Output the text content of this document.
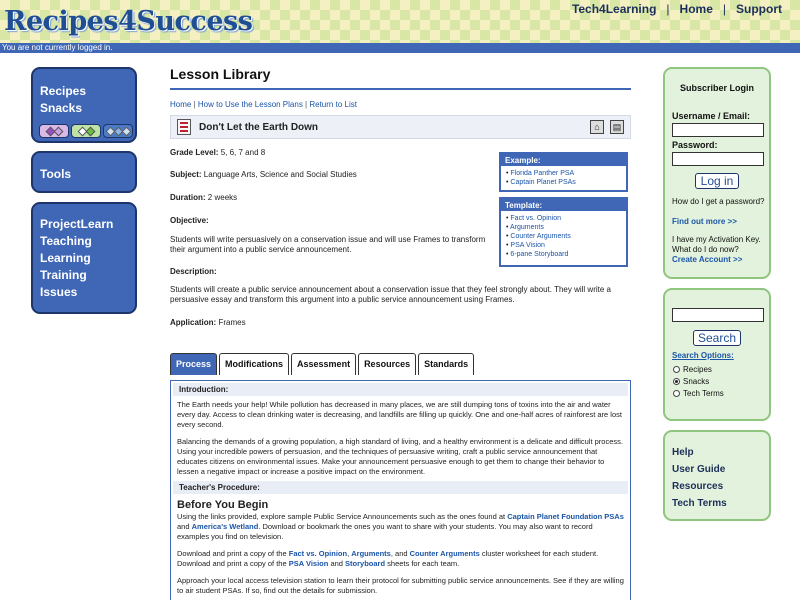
Recipes4Success	Tech4Learning | Home | Support
You are not currently logged in.
Recipes
Snacks
Tools
ProjectLearn
Teaching
Learning
Training
Issues
Lesson Library
Home | How to Use the Lesson Plans | Return to List
Don't Let the Earth Down	⌂	▤
Grade Level: 5, 6, 7 and 8
Subject: Language Arts, Science and Social Studies
Duration: 2 weeks
Objective:
Students will write persuasively on a conservation issue and will use Frames to transform their argument into a public service announcement.
Description:
Students will create a public service announcement about a conservation issue that they feel strongly about. They will write a persuasive essay and transform this argument into a public service announcement using Frames.
Application: Frames
Example:
• Florida Panther PSA
• Captain Planet PSAs
Template:
• Fact vs. Opinion
• Arguments
• Counter Arguments
• PSA Vision
• 6-pane Storyboard
Process	Modifications	Assessment	Resources	Standards
Introduction:
The Earth needs your help! While pollution has decreased in many places, we are still dumping tons of toxins into the air and water every day. Access to clean drinking water is decreasing, and landfills are filling up quickly. One and one-half acres of rainforest are lost every second.
Balancing the demands of a growing population, a high standard of living, and a healthy environment is a delicate and difficult process. Using your incredible powers of persuasion, and the techniques of persuasive writing, craft a public service announcement that educates citizens on environmental issues. Make your announcement persuasive enough to get them to change their behavior to lessen a negative impact or increase a positive impact on the environment.
Teacher's Procedure:
Before You Begin
Using the links provided, explore sample Public Service Announcements such as the ones found at Captain Planet Foundation PSAs and America's Wetland. Download or bookmark the ones you want to share with your students. You may also want to record examples you find on television.
Download and print a copy of the Fact vs. Opinion, Arguments, and Counter Arguments cluster worksheet for each student. Download and print a copy of the PSA Vision and Storyboard sheets for each team.
Approach your local access television station to learn their protocol for submitting public service announcements. See if they are willing to air student PSAs. If so, find out the details for submission.
Subscriber Login
Username / Email:
Password:
Log in
How do I get a password?
Find out more >>
I have my Activation Key. What do I do now?
Create Account >>
Search
Search Options:
Recipes
Snacks
Tech Terms
Help
User Guide
Resources
Tech Terms
